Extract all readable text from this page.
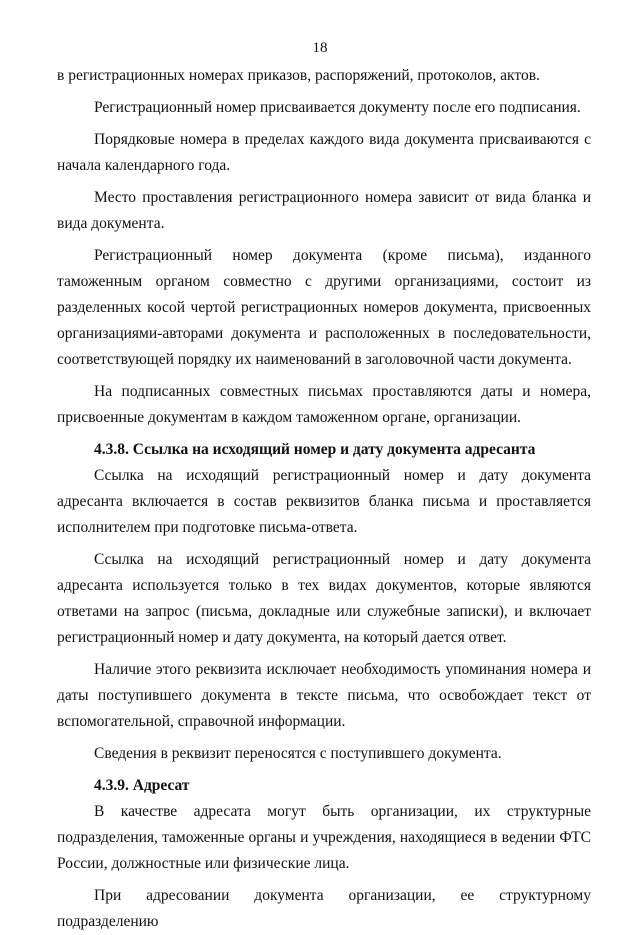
18

в регистрационных номерах приказов, распоряжений, протоколов, актов.

Регистрационный номер присваивается документу после его подписания.

Порядковые номера в пределах каждого вида документа присваиваются с начала календарного года.

Место проставления регистрационного номера зависит от вида бланка и вида документа.

Регистрационный номер документа (кроме письма), изданного таможенным органом совместно с другими организациями, состоит из разделенных косой чертой регистрационных номеров документа, присвоенных организациями-авторами документа и расположенных в последовательности, соответствующей порядку их наименований в заголовочной части документа.

На подписанных совместных письмах проставляются даты и номера, присвоенные документам в каждом таможенном органе, организации.

4.3.8. Ссылка на исходящий номер и дату документа адресанта

Ссылка на исходящий регистрационный номер и дату документа адресанта включается в состав реквизитов бланка письма и проставляется исполнителем при подготовке письма-ответа.

Ссылка на исходящий регистрационный номер и дату документа адресанта используется только в тех видах документов, которые являются ответами на запрос (письма, докладные или служебные записки), и включает регистрационный номер и дату документа, на который дается ответ.

Наличие этого реквизита исключает необходимость упоминания номера и даты поступившего документа в тексте письма, что освобождает текст от вспомогательной, справочной информации.

Сведения в реквизит переносятся с поступившего документа.

4.3.9. Адресат

В качестве адресата могут быть организации, их структурные подразделения, таможенные органы и учреждения, находящиеся в ведении ФТС России, должностные или физические лица.

При адресовании документа организации, ее структурному подразделению
